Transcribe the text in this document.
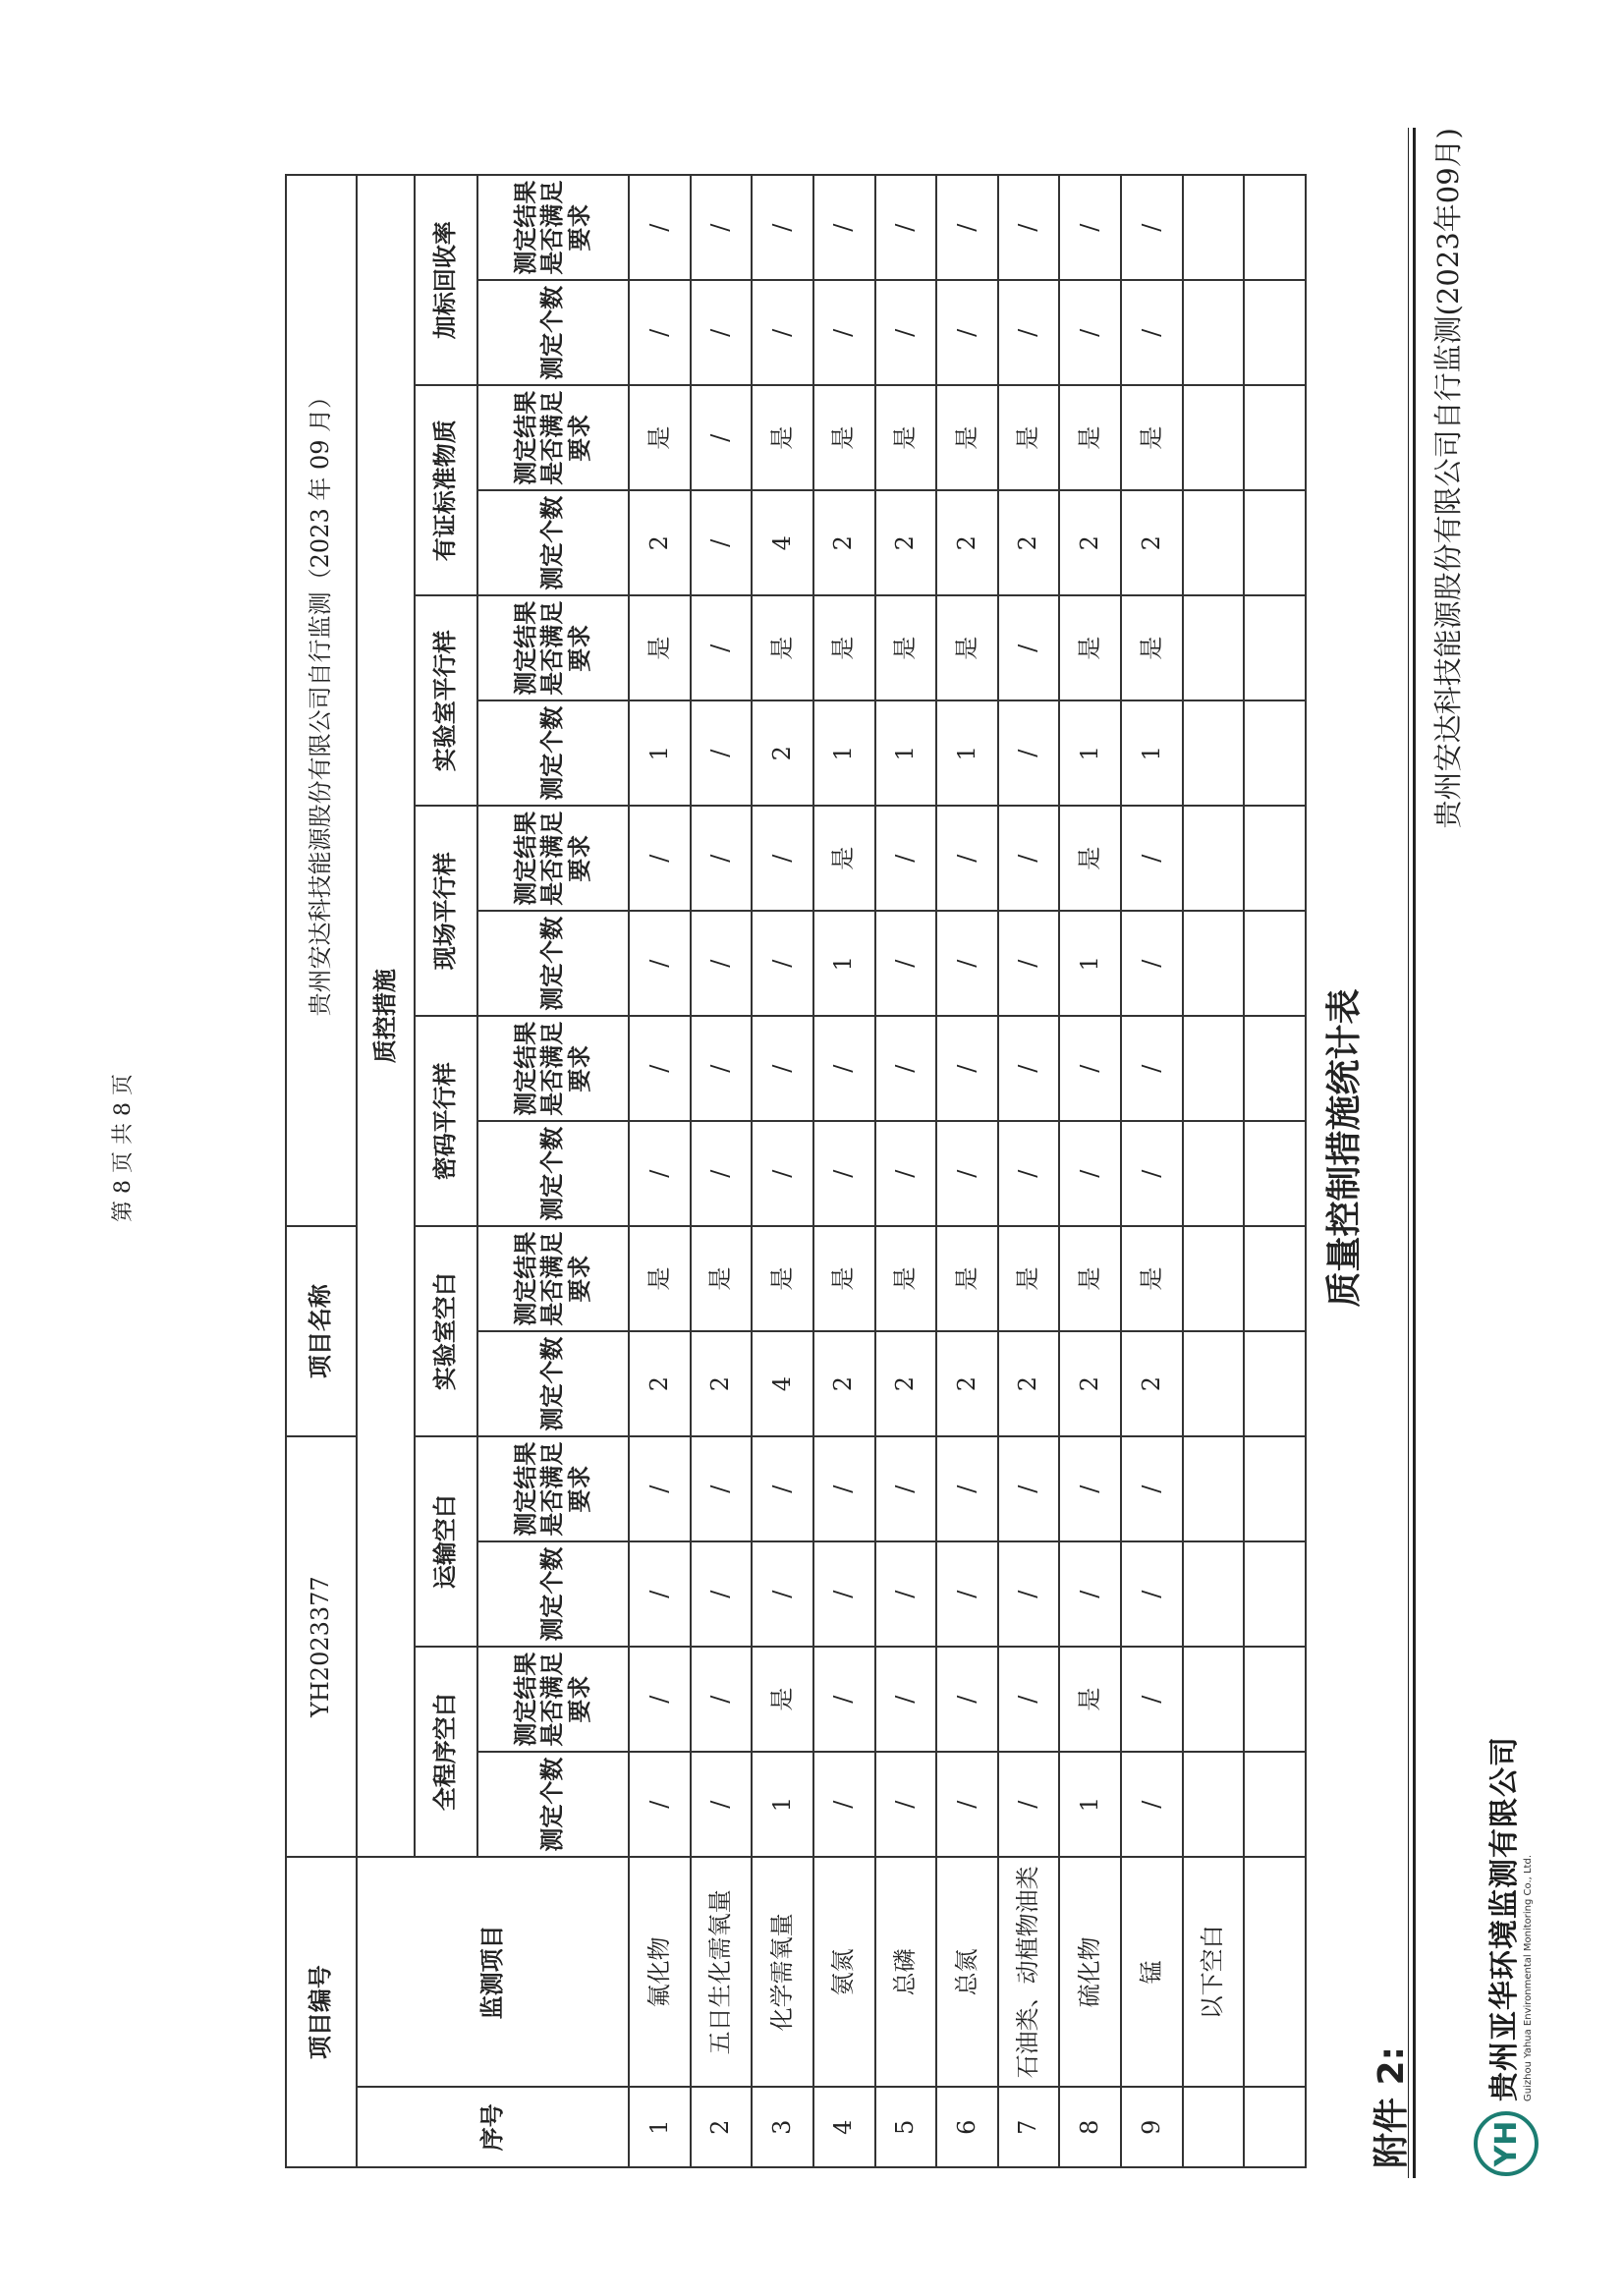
YH
贵州亚华环境监测有限公司 Guizhou Yahua Environmental Monitoring Co., Ltd.
贵州安达科技能源股份有限公司自行监测(2023年09月)
附件 2:
质量控制措施统计表
项目编号		YH2023377				项目名称		贵州安达科技能源股份有限公司自行监测（2023 年 09 月）									
序号	监测项目	质控措施															
		全程序空白		运输空白		实验室空白		密码平行样		现场平行样		实验室平行样		有证标准物质		加标回收率	
		测定个数	测定结果是否满足要求	测定个数	测定结果是否满足要求	测定个数	测定结果是否满足要求	测定个数	测定结果是否满足要求	测定个数	测定结果是否满足要求	测定个数	测定结果是否满足要求	测定个数	测定结果是否满足要求	测定个数	测定结果是否满足要求
1	氟化物	/	/	/	/	2	是	/	/	/	/	1	是	2	是	/	/
2	五日生化需氧量	/	/	/	/	2	是	/	/	/	/	/	/	/	/	/	/
3	化学需氧量	1	是	/	/	4	是	/	/	/	/	2	是	4	是	/	/
4	氨氮	/	/	/	/	2	是	/	/	1	是	1	是	2	是	/	/
5	总磷	/	/	/	/	2	是	/	/	/	/	1	是	2	是	/	/
6	总氮	/	/	/	/	2	是	/	/	/	/	1	是	2	是	/	/
7	石油类、动植物油类	/	/	/	/	2	是	/	/	/	/	/	/	2	是	/	/
8	硫化物	1	是	/	/	2	是	/	/	1	是	1	是	2	是	/	/
9	锰	/	/	/	/	2	是	/	/	/	/	1	是	2	是	/	/
	以下空白																

第 8 页 共 8 页
